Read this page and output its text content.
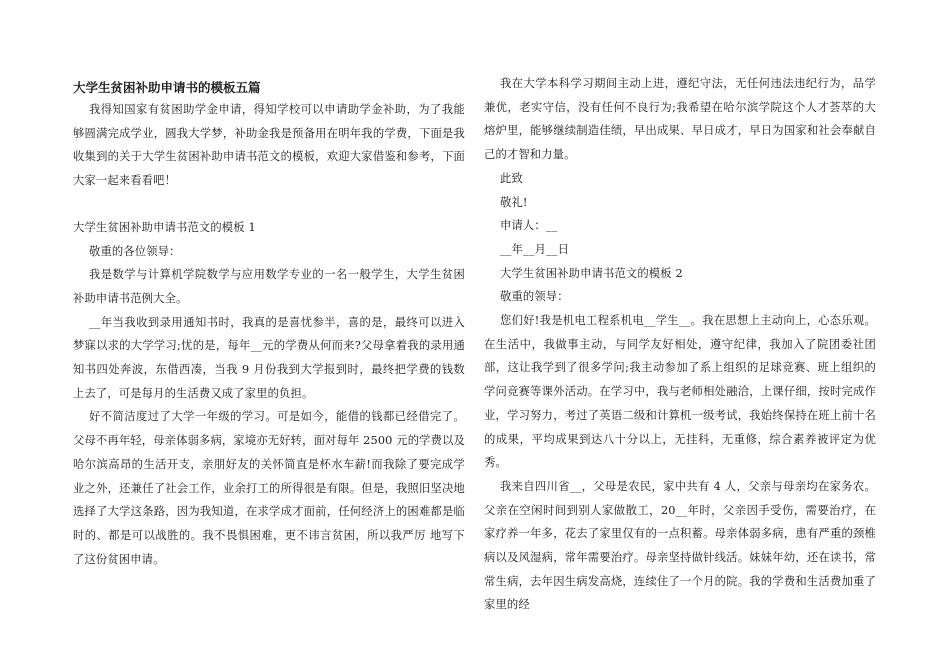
大学生贫困补助申请书的模板五篇

我得知国家有贫困助学金申请，得知学校可以申请助学金补助，为了我能够圆满完成学业，圆我大学梦，补助金我是预备用在明年我的学费，下面是我收集到的关于大学生贫困补助申请书范文的模板，欢迎大家借鉴和参考，下面大家一起来看看吧！

大学生贫困补助申请书范文的模板 1

敬重的各位领导：

我是数学与计算机学院数学与应用数学专业的一名一般学生，大学生贫困补助申请书范例大全。

__年当我收到录用通知书时，我真的是喜忧参半，喜的是，最终可以进入梦寐以求的大学学习;忧的是，每年__元的学费从何而来?父母拿着我的录用通知书四处奔波，东借西凑，当我 9 月份我到大学报到时，最终把学费的钱数上去了，可是每月的生活费又成了家里的负担。

好不简洁度过了大学一年级的学习。可是如今，能借的钱都已经借完了。父母不再年轻，母亲体弱多病，家境亦无好转，面对每年 2500 元的学费以及哈尔滨高昂的生活开支，亲朋好友的关怀简直是杯水车薪!而我除了要完成学业之外，还兼任了社会工作，业余打工的所得很是有限。但是，我照旧坚决地选择了大学这条路，因为我知道，在求学成才面前，任何经济上的困难都是临时的、都是可以战胜的。我不畏惧困难，更不讳言贫困，所以我严厉 地写下了这份贫困申请。

我在大学本科学习期间主动上进，遵纪守法，无任何违法违纪行为，品学兼优，老实守信，没有任何不良行为;我希望在哈尔滨学院这个人才荟萃的大熔炉里，能够继续制造佳绩，早出成果、早日成才，早日为国家和社会奉献自己的才智和力量。

此致

敬礼!

申请人：__

__年__月__日

大学生贫困补助申请书范文的模板 2

敬重的领导：

您们好!我是机电工程系机电__学生__。我在思想上主动向上，心态乐观。在生活中，我做事主动，与同学友好相处，遵守纪律，我加入了院团委社团部，这让我学到了很多学问;我主动参加了系上组织的足球竞赛、班上组织的学问竞赛等课外活动。在学习中，我与老师相处融洽，上课仔细，按时完成作业，学习努力，考过了英语二级和计算机一级考试，我始终保持在班上前十名的成果，平均成果到达八十分以上，无挂科，无重修，综合素养被评定为优秀。

我来自四川省__，父母是农民，家中共有 4 人，父亲与母亲均在家务农。父亲在空闲时间到别人家做散工，20__年时，父亲因手受伤，需要治疗，在家疗养一年多，花去了家里仅有的一点积蓄。母亲体弱多病，患有严重的颈椎病以及风湿病，常年需要治疗。母亲坚持做针线活。妹妹年幼，还在读书，常常生病，去年因生病发高烧，连续住了一个月的院。我的学费和生活费加重了家里的经
